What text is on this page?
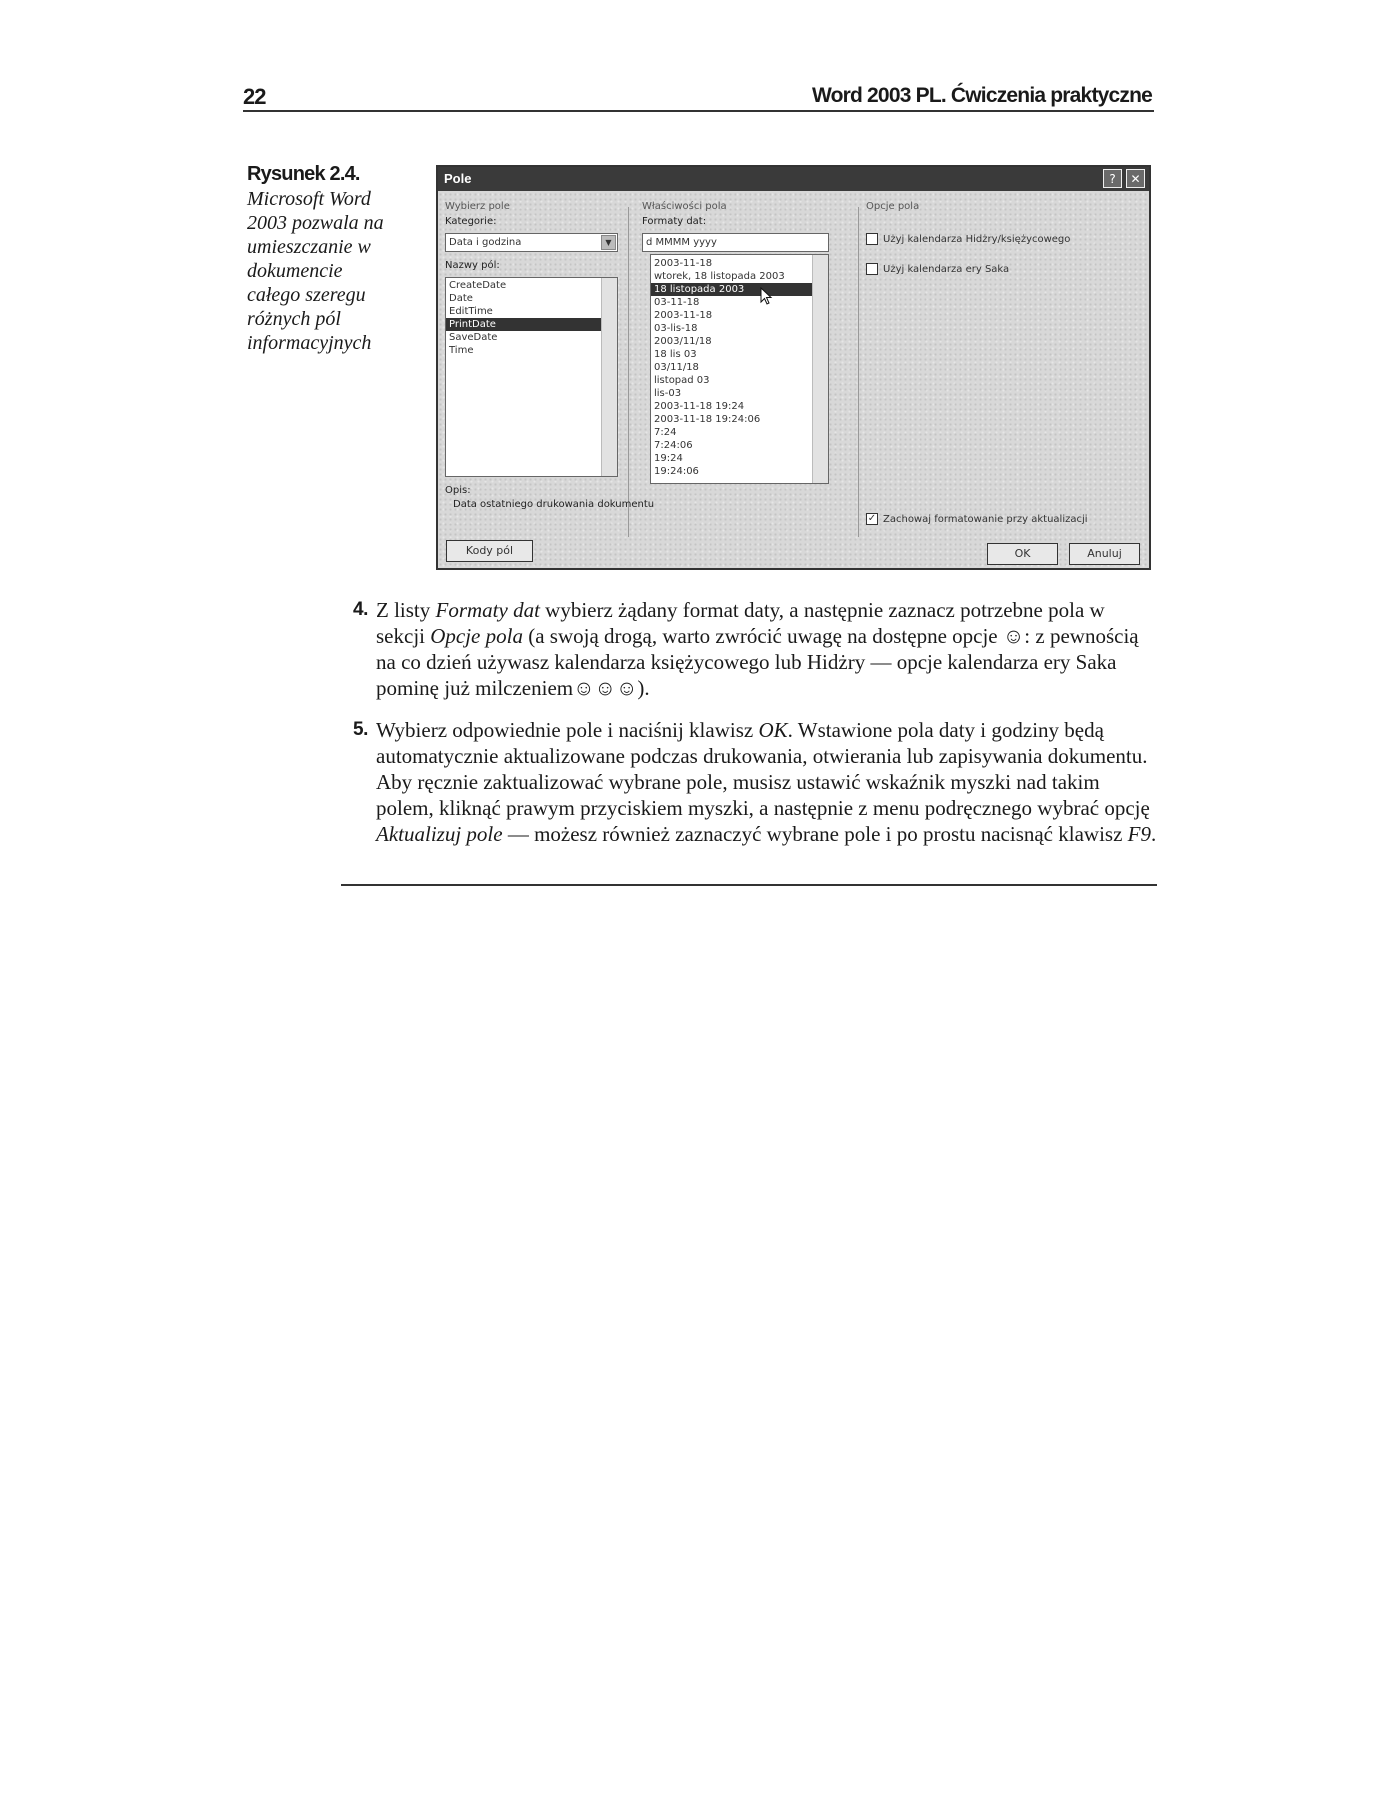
22	Word 2003 PL. Ćwiczenia praktyczne
Rysunek 2.4.
Microsoft Word 2003 pozwala na umieszczanie w dokumencie całego szeregu różnych pól informacyjnych
Pole	?	✕
Wybierz pole
Kategorie:
Data i godzina	▼
Nazwy pól:
CreateDate
Date
EditTime
PrintDate
SaveDate
Time
Właściwości pola
Formaty dat:
d MMMM yyyy
2003-11-18
wtorek, 18 listopada 2003
18 listopada 2003
03-11-18
2003-11-18
03-lis-18
2003/11/18
18 lis 03
03/11/18
listopad 03
lis-03
2003-11-18 19:24
2003-11-18 19:24:06
7:24
7:24:06
19:24
19:24:06
Opcje pola
Użyj kalendarza Hidżry/księżycowego
Użyj kalendarza ery Saka
Opis:
Data ostatniego drukowania dokumentu
✓ Zachowaj formatowanie przy aktualizacji
Kody pól	OK	Anuluj
4. Z listy Formaty dat wybierz żądany format daty, a następnie zaznacz potrzebne pola w sekcji Opcje pola (a swoją drogą, warto zwrócić uwagę na dostępne opcje ☺: z pewnością na co dzień używasz kalendarza księżycowego lub Hidżry — opcje kalendarza ery Saka pominę już milczeniem☺☺☺).
5. Wybierz odpowiednie pole i naciśnij klawisz OK. Wstawione pola daty i godziny będą automatycznie aktualizowane podczas drukowania, otwierania lub zapisywania dokumentu. Aby ręcznie zaktualizować wybrane pole, musisz ustawić wskaźnik myszki nad takim polem, kliknąć prawym przyciskiem myszki, a następnie z menu podręcznego wybrać opcję Aktualizuj pole — możesz również zaznaczyć wybrane pole i po prostu nacisnąć klawisz F9.
